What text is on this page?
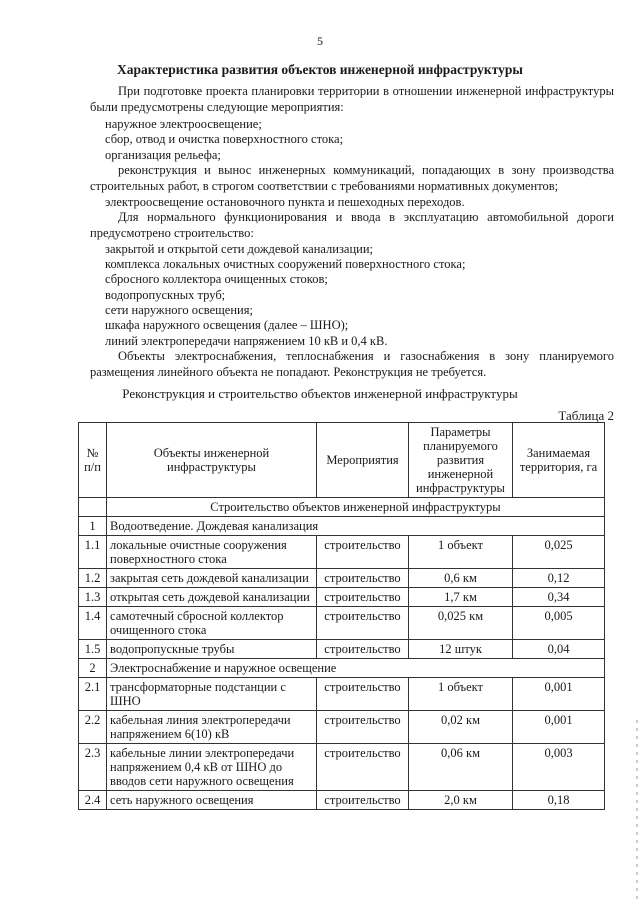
5
Характеристика развития объектов инженерной инфраструктуры

При подготовке проекта планировки территории в отношении инженерной инфраструктуры были предусмотрены следующие мероприятия:

наружное электроосвещение;
сбор, отвод и очистка поверхностного стока;
организация рельефа;

реконструкция и вынос инженерных коммуникаций, попадающих в зону производства строительных работ, в строгом соответствии с требованиями нормативных документов;

электроосвещение остановочного пункта и пешеходных переходов.

Для нормального функционирования и ввода в эксплуатацию автомобильной дороги предусмотрено строительство:

закрытой и открытой сети дождевой канализации;
комплекса локальных очистных сооружений поверхностного стока;
сбросного коллектора очищенных стоков;
водопропускных труб;
сети наружного освещения;
шкафа наружного освещения (далее – ШНО);
линий электропередачи напряжением 10 кВ и 0,4 кВ.

Объекты электроснабжения, теплоснабжения и газоснабжения в зону планируемого размещения линейного объекта не попадают. Реконструкция не требуется.

Реконструкция и строительство объектов инженерной инфраструктуры
Таблица 2
№ п/п	Объекты инженерной инфраструктуры	Мероприятия	Параметры планируемого развития инженерной инфраструктуры	Занимаемая территория, га
	Строительство объектов инженерной инфраструктуры			
1	Водоотведение. Дождевая канализация			
1.1	локальные очистные сооружения поверхностного стока	строительство	1 объект	0,025
1.2	закрытая сеть дождевой канализации	строительство	0,6 км	0,12
1.3	открытая сеть дождевой канализации	строительство	1,7 км	0,34
1.4	самотечный сбросной коллектор очищенного стока	строительство	0,025 км	0,005
1.5	водопропускные трубы	строительство	12 штук	0,04
2	Электроснабжение и наружное освещение			
2.1	трансформаторные подстанции с ШНО	строительство	1 объект	0,001
2.2	кабельная линия электропередачи напряжением 6(10) кВ	строительство	0,02 км	0,001
2.3	кабельные линии электропередачи напряжением 0,4 кВ от ШНО до вводов сети наружного освещения	строительство	0,06 км	0,003
2.4	сеть наружного освещения	строительство	2,0 км	0,18
